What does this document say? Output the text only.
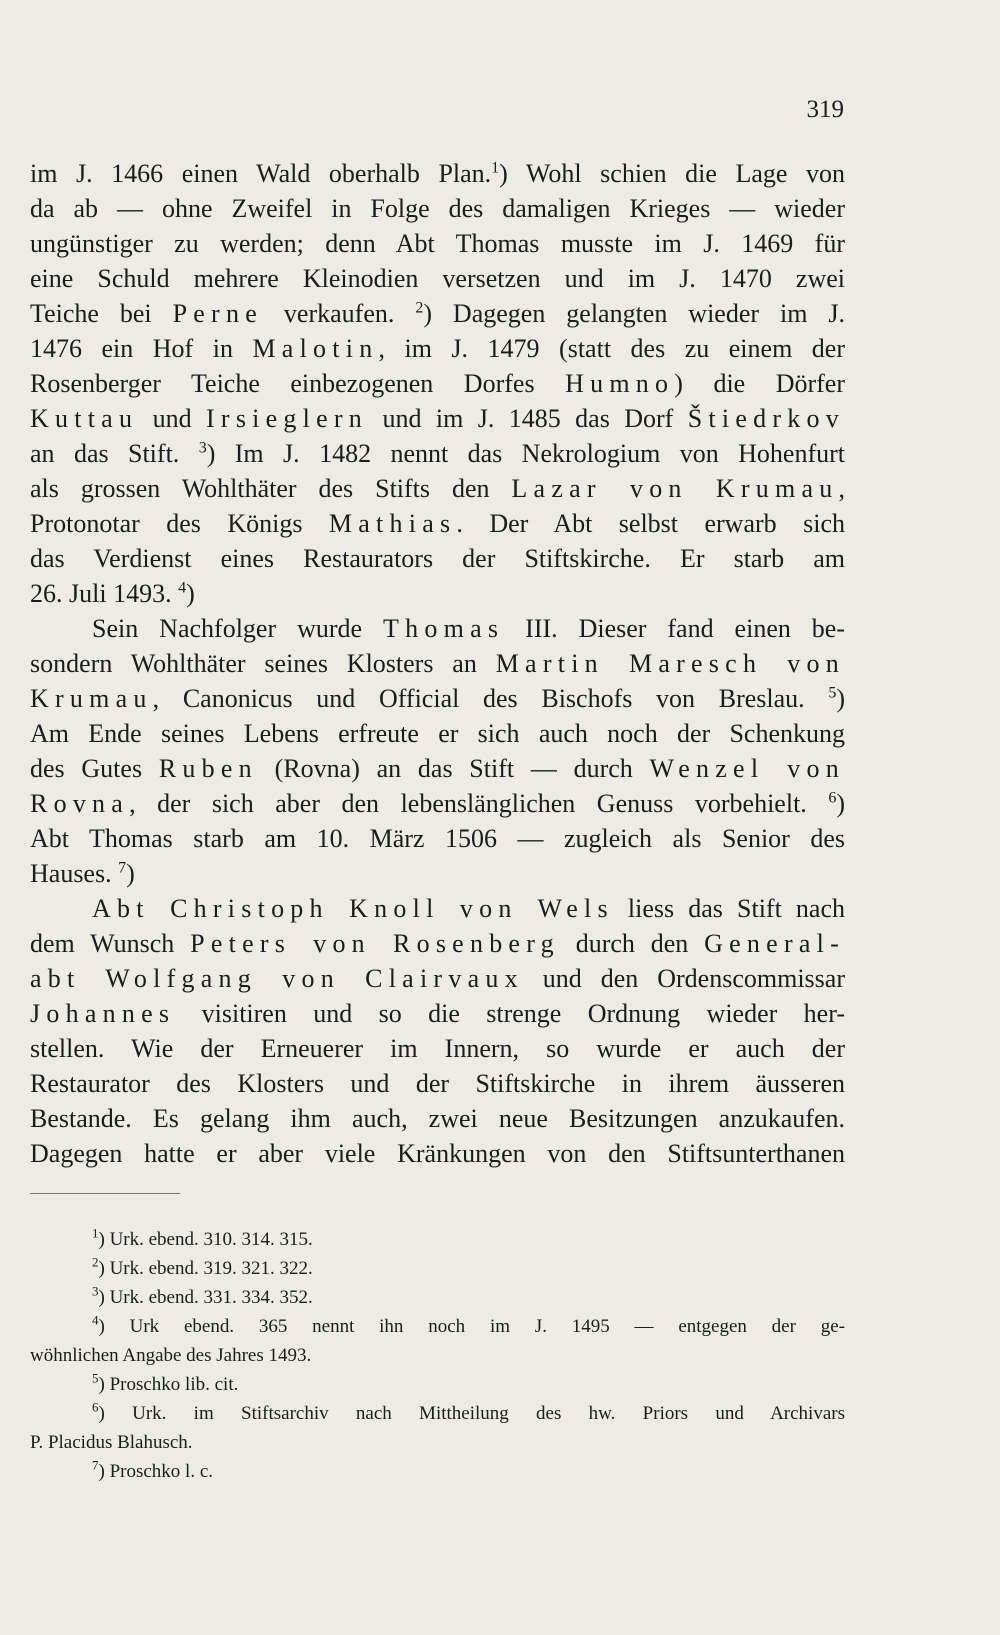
319
im J. 1466 einen Wald oberhalb Plan.$^1$) Wohl schien die Lage von
da ab — ohne Zweifel in Folge des damaligen Krieges — wieder
ungünstiger zu werden; denn Abt Thomas musste im J. 1469 für
eine Schuld mehrere Kleinodien versetzen und im J. 1470 zwei
Teiche bei Perne verkaufen. $^2$) Dagegen gelangten wieder im J.
1476 ein Hof in Malotin, im J. 1479 (statt des zu einem der
Rosenberger Teiche einbezogenen Dorfes Humno) die Dörfer
Kuttau und Irsieglern und im J. 1485 das Dorf Štiedrkov
an das Stift. $^3$) Im J. 1482 nennt das Nekrologium von Hohenfurt
als grossen Wohlthäter des Stifts den Lazar von Krumau,
Protonotar des Königs Mathias. Der Abt selbst erwarb sich
das Verdienst eines Restaurators der Stiftskirche. Er starb am
26. Juli 1493. $^4$)
Sein Nachfolger wurde Thomas III. Dieser fand einen be-
sondern Wohlthäter seines Klosters an Martin Maresch von
Krumau, Canonicus und Official des Bischofs von Breslau. $^5$)
Am Ende seines Lebens erfreute er sich auch noch der Schenkung
des Gutes Ruben (Rovna) an das Stift — durch Wenzel von
Rovna, der sich aber den lebenslänglichen Genuss vorbehielt. $^6$)
Abt Thomas starb am 10. März 1506 — zugleich als Senior des
Hauses. $^7$)
Abt Christoph Knoll von Wels liess das Stift nach
dem Wunsch Peters von Rosenberg durch den General-
abt Wolfgang von Clairvaux und den Ordenscommissar
Johannes visitiren und so die strenge Ordnung wieder her-
stellen. Wie der Erneuerer im Innern, so wurde er auch der
Restaurator des Klosters und der Stiftskirche in ihrem äusseren
Bestande. Es gelang ihm auch, zwei neue Besitzungen anzukaufen.
Dagegen hatte er aber viele Kränkungen von den Stiftsunterthanen
$^1$) Urk. ebend. 310. 314. 315.
$^2$) Urk. ebend. 319. 321. 322.
$^3$) Urk. ebend. 331. 334. 352.
$^4$) Urk ebend. 365 nennt ihn noch im J. 1495 — entgegen der ge-
wöhnlichen Angabe des Jahres 1493.
$^5$) Proschko lib. cit.
$^6$) Urk. im Stiftsarchiv nach Mittheilung des hw. Priors und Archivars
P. Placidus Blahusch.
$^7$) Proschko l. c.
